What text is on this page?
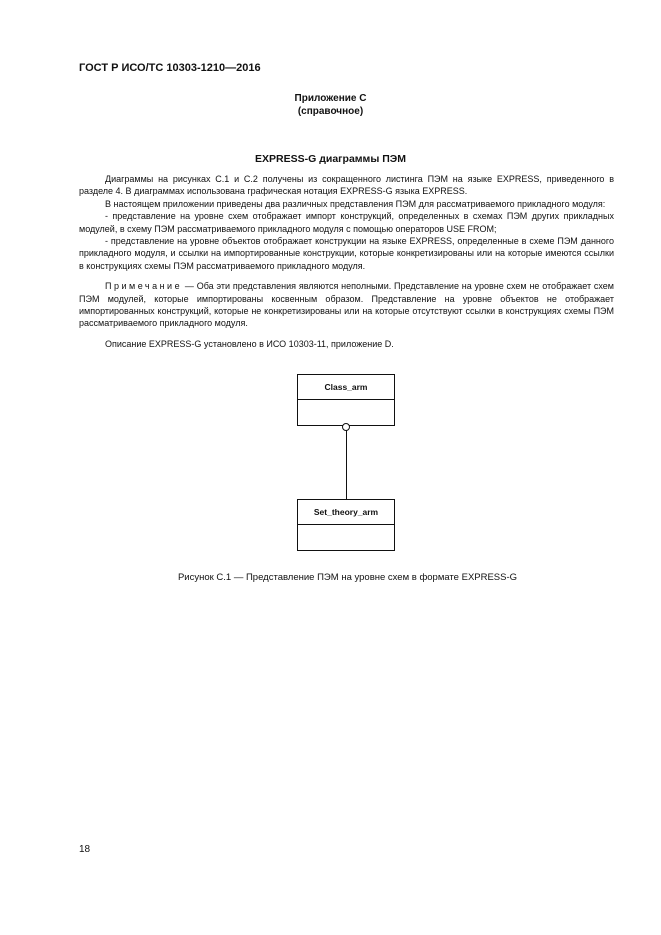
ГОСТ Р ИСО/ТС 10303-1210—2016
Приложение С
(справочное)
EXPRESS-G диаграммы ПЭМ

Диаграммы на рисунках С.1 и С.2 получены из сокращенного листинга ПЭМ на языке EXPRESS, приведенного в разделе 4. В диаграммах использована графическая нотация EXPRESS-G языка EXPRESS.

В настоящем приложении приведены два различных представления ПЭМ для рассматриваемого прикладного модуля:

- представление на уровне схем отображает импорт конструкций, определенных в схемах ПЭМ других прикладных модулей, в схему ПЭМ рассматриваемого прикладного модуля с помощью операторов USE FROM;

- представление на уровне объектов отображает конструкции на языке EXPRESS, определенные в схеме ПЭМ данного прикладного модуля, и ссылки на импортированные конструкции, которые конкретизированы или на которые имеются ссылки в конструкциях схемы ПЭМ рассматриваемого прикладного модуля.

Примечание — Оба эти представления являются неполными. Представление на уровне схем не отображает схем ПЭМ модулей, которые импортированы косвенным образом. Представление на уровне объектов не отображает импортированных конструкций, которые не конкретизированы или на которые отсутствуют ссылки в конструкциях схемы ПЭМ рассматриваемого прикладного модуля.

Описание EXPRESS-G установлено в ИСО 10303-11, приложение D.

Class_arm
Set_theory_arm
Рисунок С.1 — Представление ПЭМ на уровне схем в формате EXPRESS-G
18
